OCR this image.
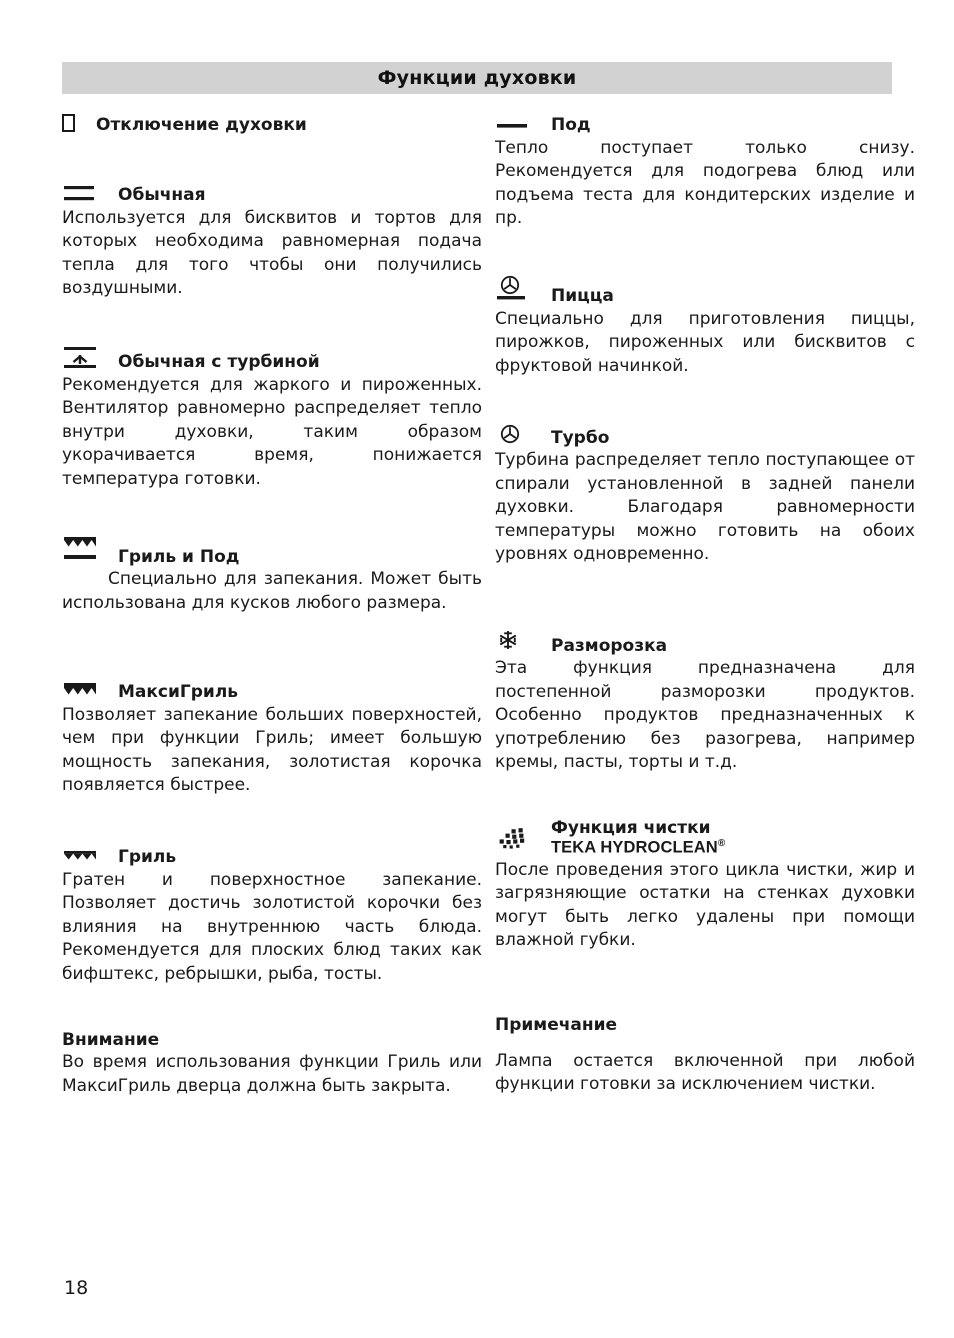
Функции духовки
Отключение духовки
Обычная
Используется для бисквитов и тортов для которых необходима равномерная подача тепла для того чтобы они получились воздушными.
Обычная с турбиной
Рекомендуется для жаркого и пироженных. Вентилятор равномерно распределяет тепло внутри духовки, таким образом укорачивается время, понижается температура готовки.
Гриль и Под
Специально для запекания. Может быть использована для кусков любого размера.
МаксиГриль
Позволяет запекание больших поверхностей, чем при функции Гриль; имеет большую мощность запекания, золотистая корочка появляется быстрее.
Гриль
Гратен и поверхностное запекание. Позволяет достичь золотистой корочки без влияния на внутреннюю часть блюда. Рекомендуется для плоских блюд таких как бифштекс, ребрышки, рыба, тосты.
Внимание
Во время использования функции Гриль или МаксиГриль дверца должна быть закрыта.
Под
Тепло поступает только снизу. Рекомендуется для подогрева блюд или подъема теста для кондитерских изделие и пр.
Пицца
Специально для приготовления пиццы, пирожков, пироженных или бисквитов с фруктовой начинкой.
Турбо
Турбина распределяет тепло поступающее от спирали установленной в задней панели духовки. Благодаря равномерности температуры можно готовить на обоих уровнях одновременно.
Разморозка
Эта функция предназначена для постепенной разморозки продуктов. Особенно продуктов предназначенных к употреблению без разогрева, например кремы, пасты, торты и т.д.
Функция чистки
TEKA HYDROCLEAN®
После проведения этого цикла чистки, жир и загрязняющие остатки на стенках духовки могут быть легко удалены при помощи влажной губки.
Примечание
Лампа остается включенной при любой функции готовки за исключением чистки.
18
